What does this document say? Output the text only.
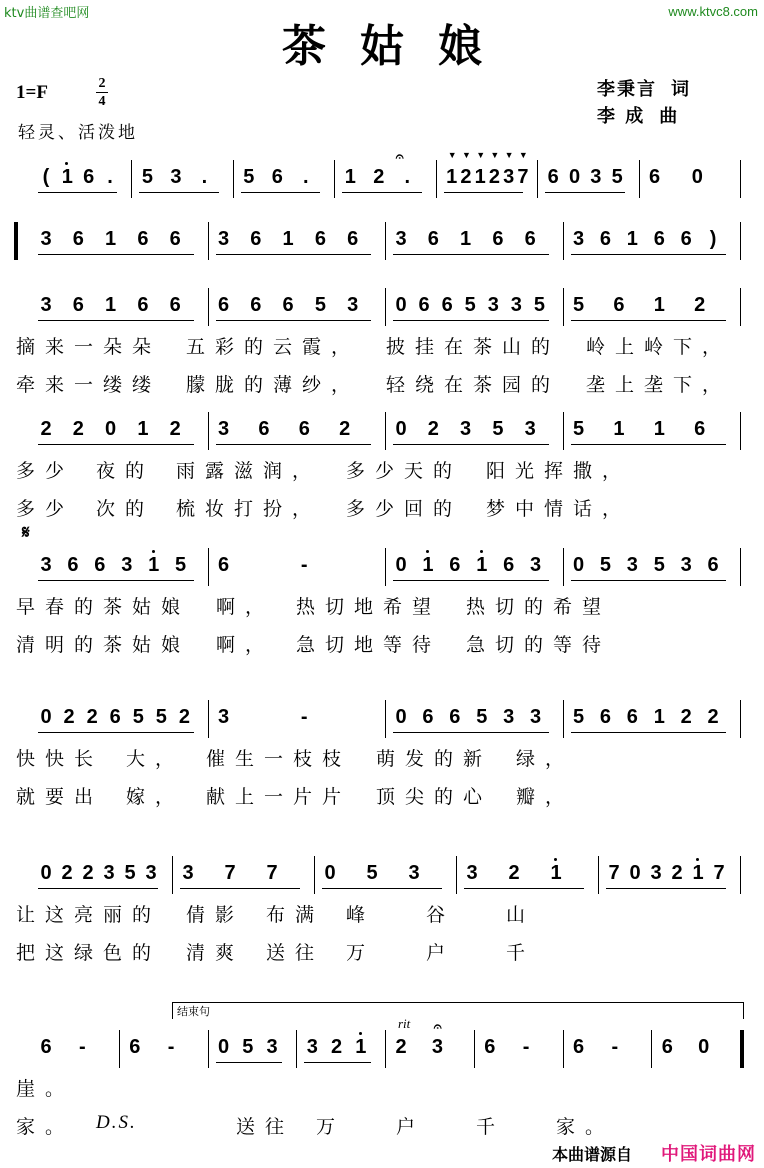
ktv曲谱查吧网	www.ktvc8.com
茶姑娘
1=F	2
4
轻灵、活泼地
李秉言 词
李 成 曲
( 1 6 . 5 3 . 5 6 . 1 2 .
𝄐
1 2 1 2 3 7
▼ ▼ ▼ ▼ ▼ ▼
6 0 3 5 6 0
3 6 1 6 6 3 6 1 6 6 3 6 1 6 6 3 6 1 6 6 )
3 6 1 6 6 6 6 6 5 3 0 6 6 5 3 3 5 5 6 1 2
摘来一朵朵 五彩的云霞， 披挂在茶山的 岭上岭下，
牵来一缕缕 朦胧的薄纱， 轻绕在茶园的 垄上垄下，
2 2 0 1 2 3 6 6 2 0 2 3 5 3 5 1 1 6
多少 夜的 雨露滋润， 多少天的 阳光挥撒，
多少 次的 梳妆打扮， 多少回的 梦中情话，
𝄋
3 6 6 3 1 5 6	-	0 1 6 1 6 3 0 5 3 5 3 6
早春的茶姑娘 啊， 热切地希望 热切的希望
清明的茶姑娘 啊， 急切地等待 急切的等待
0 2 2 6 5 5 2 3	-	0 6 6 5 3 3 5 6 6 1 2 2
快快长 大， 催生一枝枝 萌发的新 绿，
就要出 嫁， 献上一片片 顶尖的心 瓣，
0 2 2 3 5 3 3 7 7 0 5 3 3 2 1 7 0 3 2 1 7
让这亮丽的 倩影 布满 峰	谷	山
把这绿色的 清爽 送往 万	户	千
结束句
rit
6 - 6 - 0 5 3 3 2 1 2 3
𝄐
6 - 6 - 6 0
崖。
家。 D.S.	送往 万	户	千	家。
本曲谱源自 中国词曲网
